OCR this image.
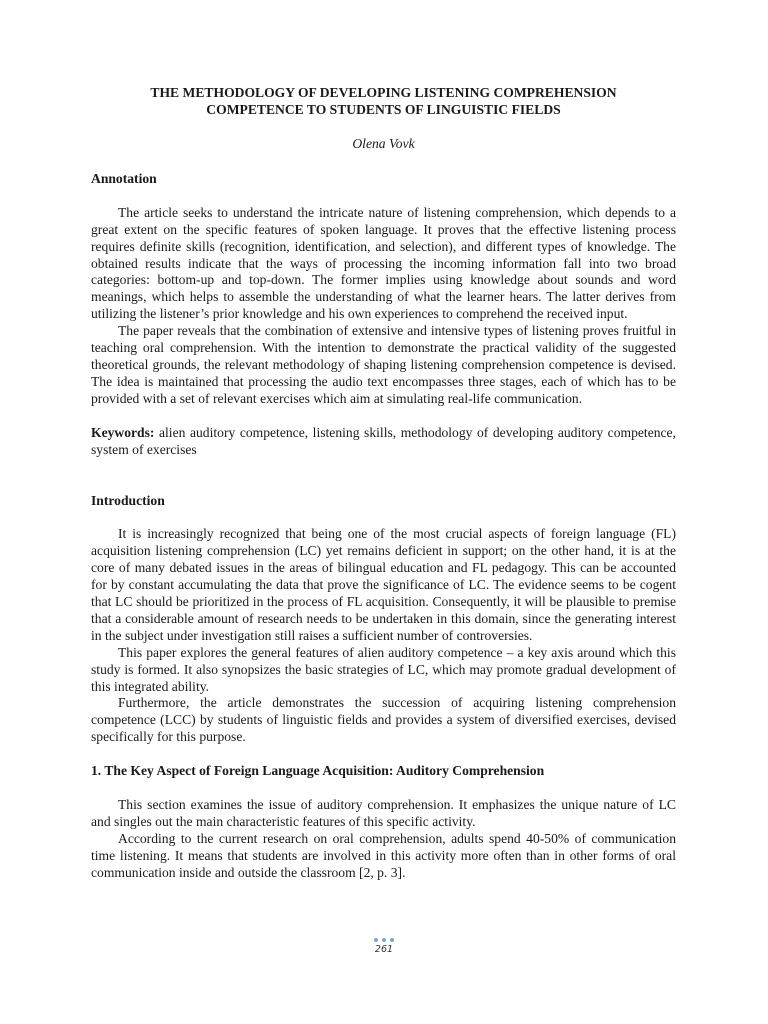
THE METHODOLOGY OF DEVELOPING LISTENING COMPREHENSION
COMPETENCE TO STUDENTS OF LINGUISTIC FIELDS

Olena Vovk

Annotation

The article seeks to understand the intricate nature of listening comprehension, which depends to a great extent on the specific features of spoken language. It proves that the effective listening process requires definite skills (recognition, identification, and selection), and different types of knowledge. The obtained results indicate that the ways of processing the incoming information fall into two broad categories: bottom-up and top-down. The former implies using knowledge about sounds and word meanings, which helps to assemble the understanding of what the learner hears. The latter derives from utilizing the listener’s prior knowledge and his own experiences to comprehend the received input.

The paper reveals that the combination of extensive and intensive types of listening proves fruitful in teaching oral comprehension. With the intention to demonstrate the practical validity of the suggested theoretical grounds, the relevant methodology of shaping listening comprehension competence is devised. The idea is maintained that processing the audio text encompasses three stages, each of which has to be provided with a set of relevant exercises which aim at simulating real-life communication.

Keywords: alien auditory competence, listening skills, methodology of developing auditory competence, system of exercises

Introduction

It is increasingly recognized that being one of the most crucial aspects of foreign language (FL) acquisition listening comprehension (LC) yet remains deficient in support; on the other hand, it is at the core of many debated issues in the areas of bilingual education and FL pedagogy. This can be accounted for by constant accumulating the data that prove the significance of LC. The evidence seems to be cogent that LC should be prioritized in the process of FL acquisition. Consequently, it will be plausible to premise that a considerable amount of research needs to be undertaken in this domain, since the generating interest in the subject under investigation still raises a sufficient number of controversies.

This paper explores the general features of alien auditory competence – a key axis around which this study is formed. It also synopsizes the basic strategies of LC, which may promote gradual development of this integrated ability.

Furthermore, the article demonstrates the succession of acquiring listening comprehension competence (LCC) by students of linguistic fields and provides a system of diversified exercises, devised specifically for this purpose.

1. The Key Aspect of Foreign Language Acquisition: Auditory Comprehension

This section examines the issue of auditory comprehension. It emphasizes the unique nature of LC and singles out the main characteristic features of this specific activity.

According to the current research on oral comprehension, adults spend 40-50% of communication time listening. It means that students are involved in this activity more often than in other forms of oral communication inside and outside the classroom [2, p. 3].

261
